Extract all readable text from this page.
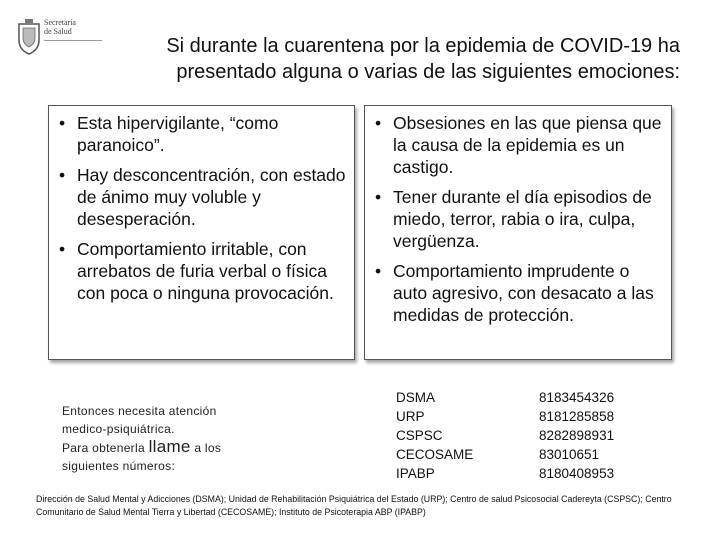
Secretaría
de Salud
Si durante la cuarentena por la epidemia de COVID-19 ha presentado alguna o varias de las siguientes emociones:
• Esta hipervigilante, “como paranoico”.
• Hay desconcentración, con estado de ánimo muy voluble y desesperación.
• Comportamiento irritable, con arrebatos de furia verbal o física con poca o ninguna provocación.
• Obsesiones en las que piensa que la causa de la epidemia es un castigo.
• Tener durante el día episodios de miedo, terror, rabia o ira, culpa, vergüenza.
• Comportamiento imprudente o auto agresivo, con desacato a las medidas de protección.
Entonces necesita atención
medico-psiquiátrica.
Para obtenerla llame a los
siguientes números:
DSMA	8183454326
URP	8181285858
CSPSC	8282898931
CECOSAME	83010651
IPABP	8180408953
Dirección de Salud Mental y Adicciones (DSMA); Unidad de Rehabilitación Psiquiátrica del Estado (URP); Centro de salud Psicosocial Cadereyta (CSPSC); Centro Comunitario de Salud Mental Tierra y Libertad (CECOSAME); Instituto de Psicoterapia ABP (IPABP)
